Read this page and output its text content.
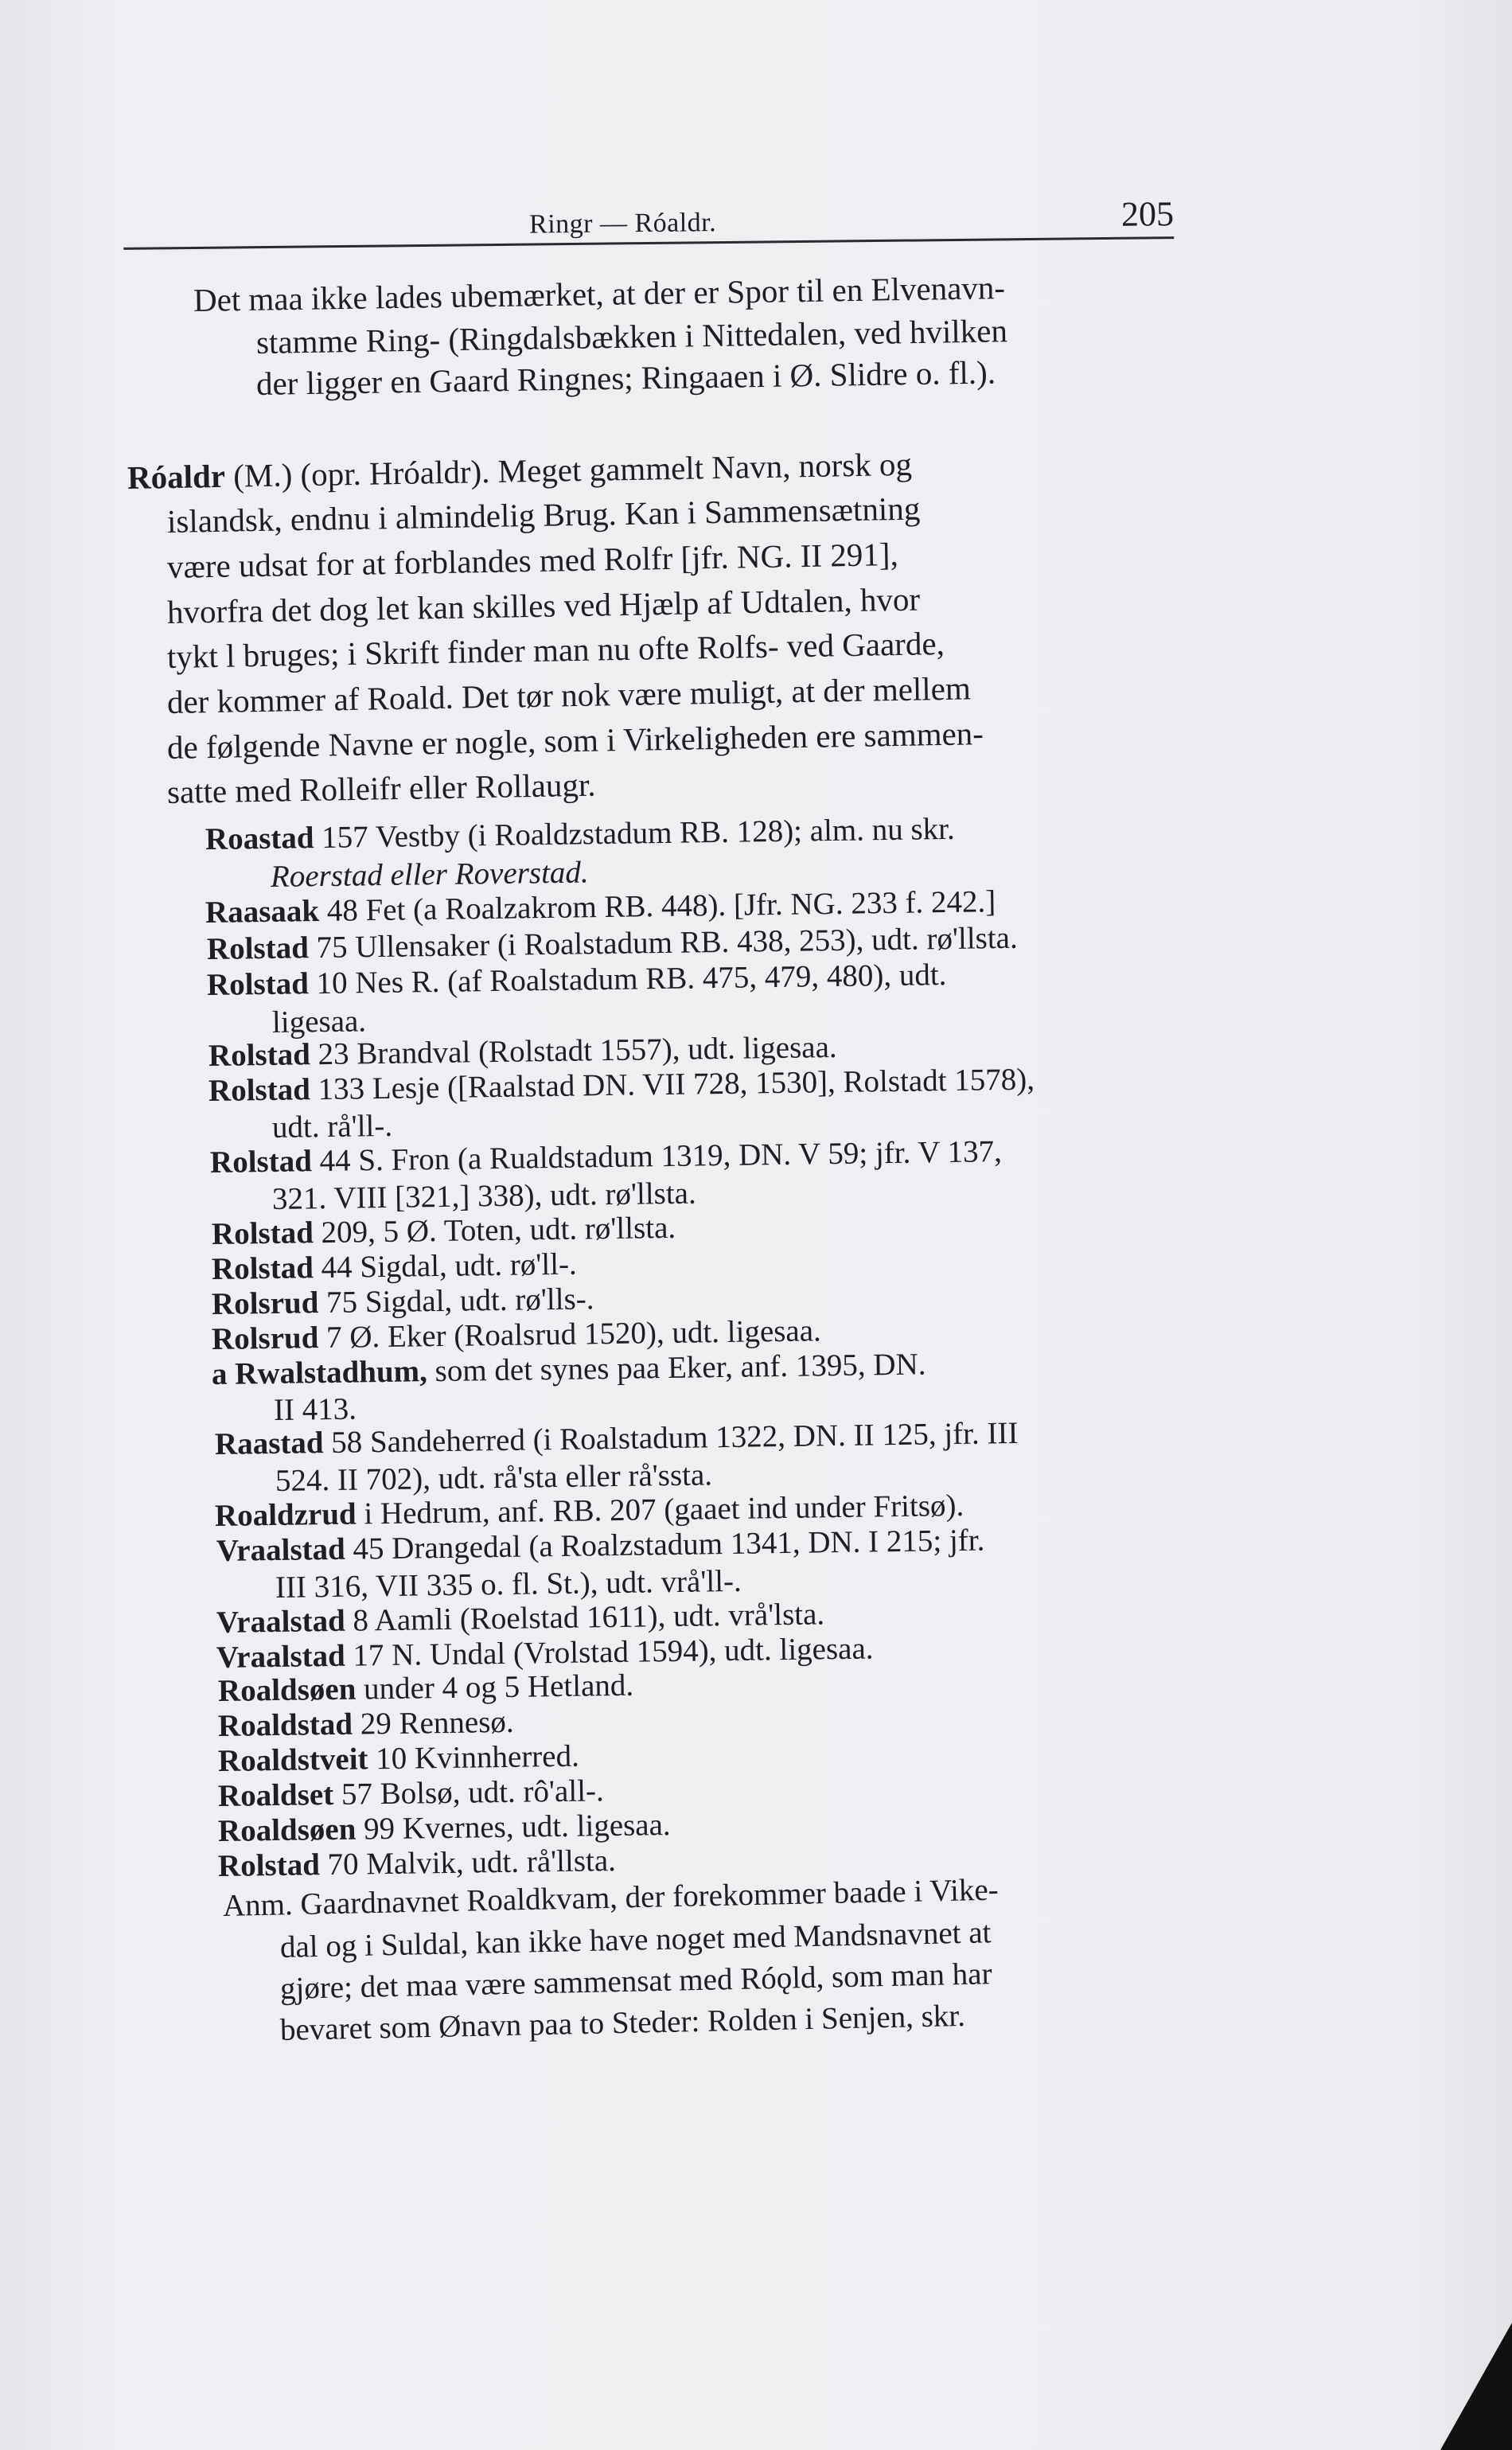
Ringr — Róaldr.	205
Det maa ikke lades ubemærket, at der er Spor til en Elvenavn-
stamme Ring- (Ringdalsbækken i Nittedalen, ved hvilken
der ligger en Gaard Ringnes; Ringaaen i Ø. Slidre o. fl.).
Róaldr (M.) (opr. Hróaldr). Meget gammelt Navn, norsk og
islandsk, endnu i almindelig Brug. Kan i Sammensætning
være udsat for at forblandes med Rolfr [jfr. NG. II 291],
hvorfra det dog let kan skilles ved Hjælp af Udtalen, hvor
tykt l bruges; i Skrift finder man nu ofte Rolfs- ved Gaarde,
der kommer af Roald. Det tør nok være muligt, at der mellem
de følgende Navne er nogle, som i Virkeligheden ere sammen-
satte med Rolleifr eller Rollaugr.
Roastad 157 Vestby (i Roaldzstadum RB. 128); alm. nu skr.
Roerstad eller Roverstad.
Raasaak 48 Fet (a Roalzakrom RB. 448). [Jfr. NG. 233 f. 242.]
Rolstad 75 Ullensaker (i Roalstadum RB. 438, 253), udt. rø'llsta.
Rolstad 10 Nes R. (af Roalstadum RB. 475, 479, 480), udt.
ligesaa.
Rolstad 23 Brandval (Rolstadt 1557), udt. ligesaa.
Rolstad 133 Lesje ([Raalstad DN. VII 728, 1530], Rolstadt 1578),
udt. rå'll-.
Rolstad 44 S. Fron (a Rualdstadum 1319, DN. V 59; jfr. V 137,
321. VIII [321,] 338), udt. rø'llsta.
Rolstad 209, 5 Ø. Toten, udt. rø'llsta.
Rolstad 44 Sigdal, udt. rø'll-.
Rolsrud 75 Sigdal, udt. rø'lls-.
Rolsrud 7 Ø. Eker (Roalsrud 1520), udt. ligesaa.
a Rwalstadhum, som det synes paa Eker, anf. 1395, DN.
II 413.
Raastad 58 Sandeherred (i Roalstadum 1322, DN. II 125, jfr. III
524. II 702), udt. rå'sta eller rå'ssta.
Roaldzrud i Hedrum, anf. RB. 207 (gaaet ind under Fritsø).
Vraalstad 45 Drangedal (a Roalzstadum 1341, DN. I 215; jfr.
III 316, VII 335 o. fl. St.), udt. vrå'll-.
Vraalstad 8 Aamli (Roelstad 1611), udt. vrå'lsta.
Vraalstad 17 N. Undal (Vrolstad 1594), udt. ligesaa.
Roaldsøen under 4 og 5 Hetland.
Roaldstad 29 Rennesø.
Roaldstveit 10 Kvinnherred.
Roaldset 57 Bolsø, udt. rô'all-.
Roaldsøen 99 Kvernes, udt. ligesaa.
Rolstad 70 Malvik, udt. rå'llsta.
Anm. Gaardnavnet Roaldkvam, der forekommer baade i Vike-
dal og i Suldal, kan ikke have noget med Mandsnavnet at
gjøre; det maa være sammensat med Róǫld, som man har
bevaret som Ønavn paa to Steder: Rolden i Senjen, skr.
